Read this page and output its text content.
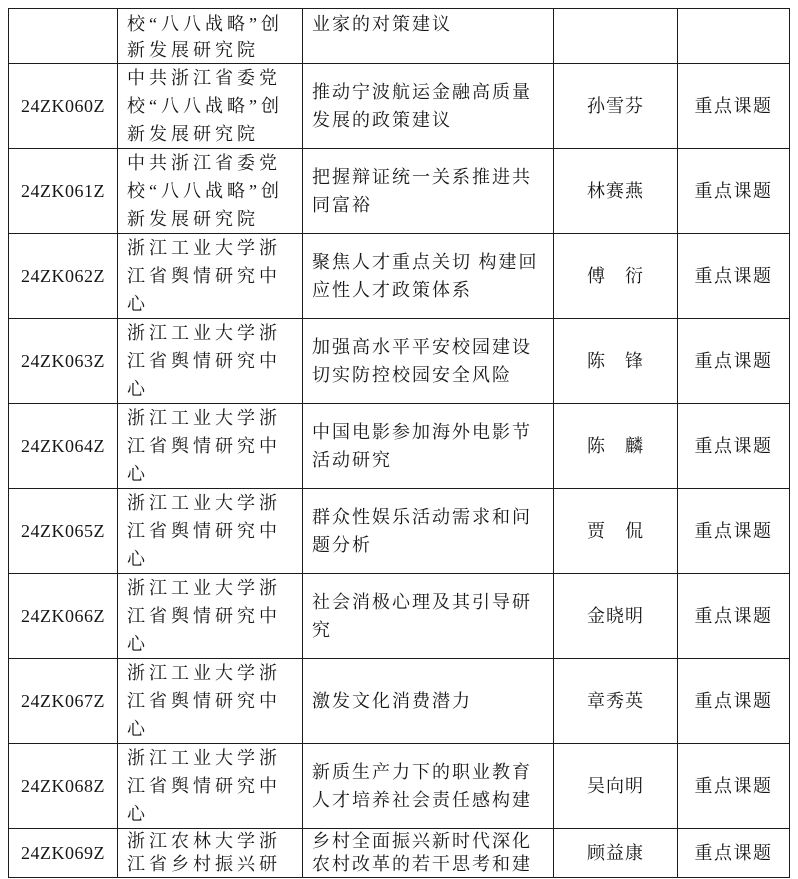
	校“八八战略”创新发展研究院	业家的对策建议		
24ZK060Z	中共浙江省委党校“八八战略”创新发展研究院	推动宁波航运金融高质量发展的政策建议	孙雪芬	重点课题
24ZK061Z	中共浙江省委党校“八八战略”创新发展研究院	把握辩证统一关系推进共同富裕	林赛燕	重点课题
24ZK062Z	浙江工业大学浙江省舆情研究中心	聚焦人才重点关切 构建回应性人才政策体系	傅　衍	重点课题
24ZK063Z	浙江工业大学浙江省舆情研究中心	加强高水平平安校园建设切实防控校园安全风险	陈　锋	重点课题
24ZK064Z	浙江工业大学浙江省舆情研究中心	中国电影参加海外电影节活动研究	陈　麟	重点课题
24ZK065Z	浙江工业大学浙江省舆情研究中心	群众性娱乐活动需求和问题分析	贾　侃	重点课题
24ZK066Z	浙江工业大学浙江省舆情研究中心	社会消极心理及其引导研究	金晓明	重点课题
24ZK067Z	浙江工业大学浙江省舆情研究中心	激发文化消费潜力	章秀英	重点课题
24ZK068Z	浙江工业大学浙江省舆情研究中心	新质生产力下的职业教育人才培养社会责任感构建	吴向明	重点课题
24ZK069Z	浙江农林大学浙江省乡村振兴研	乡村全面振兴新时代深化农村改革的若干思考和建	顾益康	重点课题
